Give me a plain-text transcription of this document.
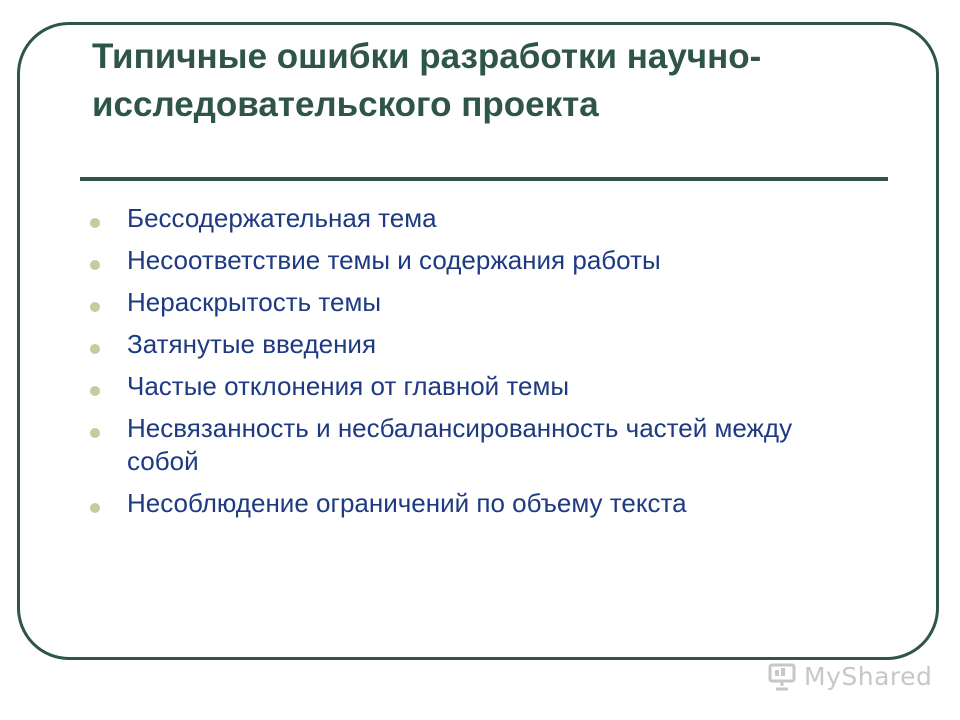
Типичные ошибки разработки научно-исследовательского проекта
Бессодержательная тема
Несоответствие темы и содержания работы
Нераскрытость темы
Затянутые введения
Частые отклонения от главной темы
Несвязанность и несбалансированность частей между собой
Несоблюдение ограничений по объему текста
MyShared
